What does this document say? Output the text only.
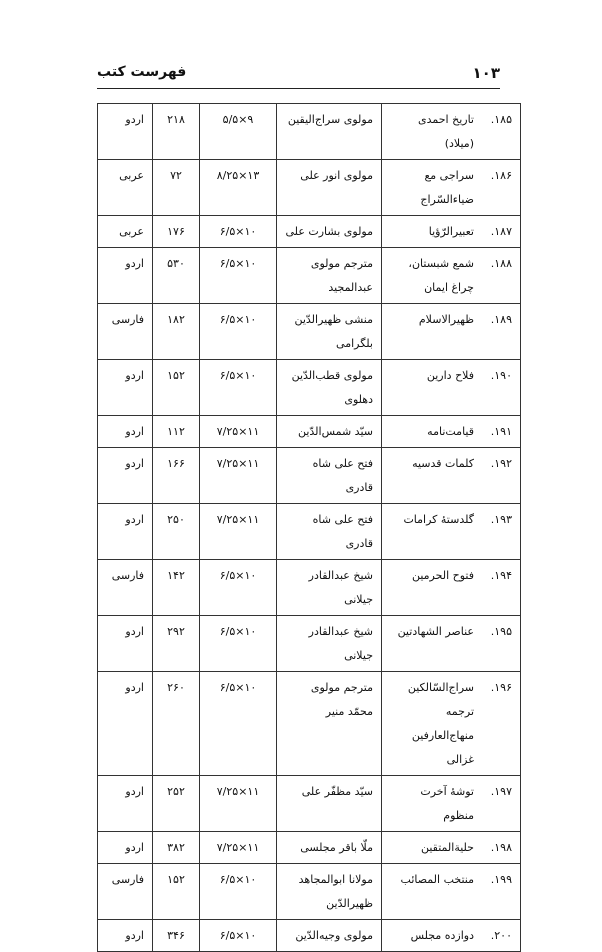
۱۰۳
فهرست کتب
۱۸۵.	تاریخ احمدی (میلاد)	مولوی سراج‌الیقین	۹×۵/۵	۲۱۸	اردو
۱۸۶.	سراجی مع ضیاءالسّراج	مولوی انور علی	۱۳×۸/۲۵	۷۲	عربی
۱۸۷.	تعبیرالرّؤیا	مولوی بشارت علی	۱۰×۶/۵	۱۷۶	عربی
۱۸۸.	شمع شبستان، چراغ ایمان	مترجم مولوی عبدالمجید	۱۰×۶/۵	۵۳۰	اردو
۱۸۹.	ظهیرالاسلام	منشی ظهیرالدّین بلگرامی	۱۰×۶/۵	۱۸۲	فارسی
۱۹۰.	فلاح دارین	مولوی قطب‌الدّین دهلوی	۱۰×۶/۵	۱۵۲	اردو
۱۹۱.	قیامت‌نامه	سیّد شمس‌الدّین	۱۱×۷/۲۵	۱۱۲	اردو
۱۹۲.	کلمات قدسیه	فتح علی شاه قادری	۱۱×۷/۲۵	۱۶۶	اردو
۱۹۳.	گلدستهٔ کرامات	فتح علی شاه قادری	۱۱×۷/۲۵	۲۵۰	اردو
۱۹۴.	فتوح الحرمین	شیخ عبدالقادر جیلانی	۱۰×۶/۵	۱۴۲	فارسی
۱۹۵.	عناصر الشهادتین	شیخ عبدالقادر جیلانی	۱۰×۶/۵	۲۹۲	اردو
۱۹۶.	سراج‌السّالکین ترجمه منهاج‌العارفین غزالی	مترجم مولوی محمّد منیر	۱۰×۶/۵	۲۶۰	اردو
۱۹۷.	توشهٔ آخرت منظوم	سیّد مظفّر علی	۱۱×۷/۲۵	۲۵۲	اردو
۱۹۸.	حلیةالمتقین	ملّا باقر مجلسی	۱۱×۷/۲۵	۳۸۲	اردو
۱۹۹.	منتخب المصائب	مولانا ابوالمجاهد ظهیرالدّین	۱۰×۶/۵	۱۵۲	فارسی
۲۰۰.	دوازده مجلس	مولوی وجیه‌الدّین	۱۰×۶/۵	۳۴۶	اردو
